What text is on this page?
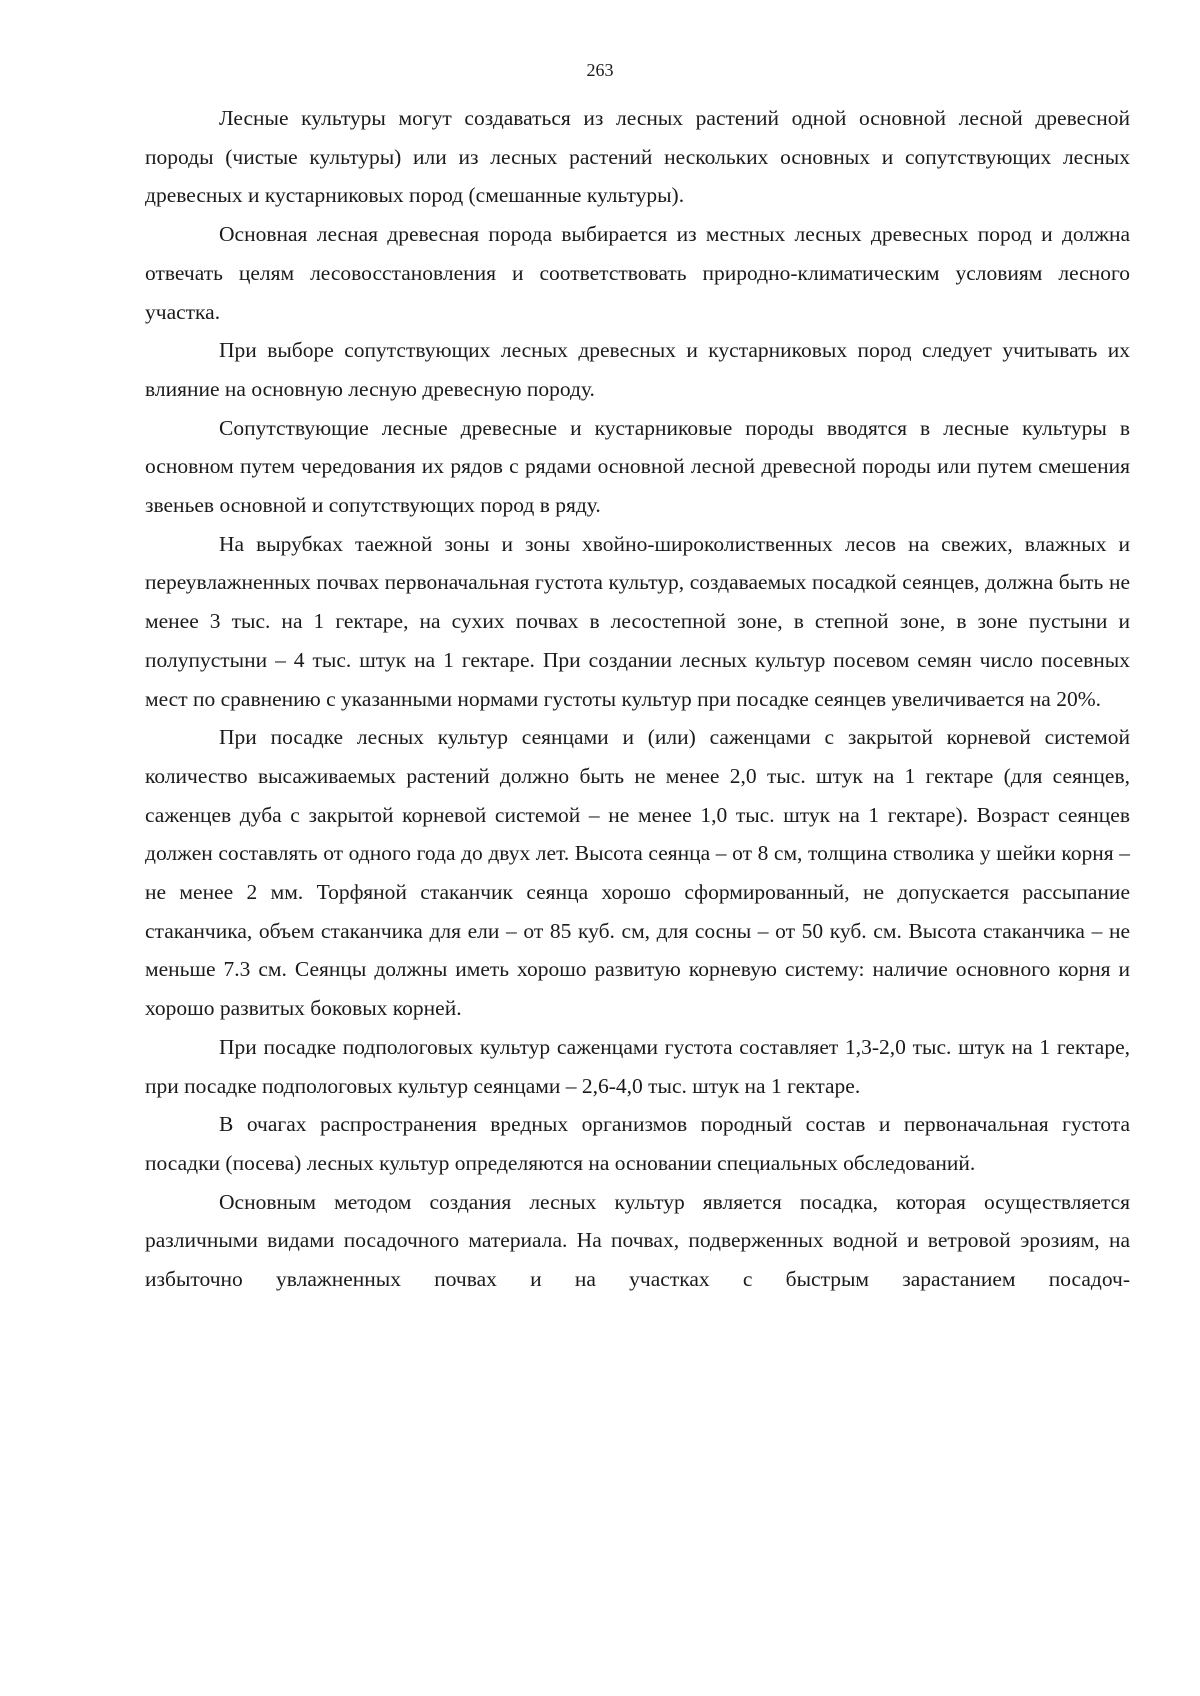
263

Лесные культуры могут создаваться из лесных растений одной основной лесной древесной породы (чистые культуры) или из лесных растений нескольких основных и сопутствующих лесных древесных и кустарниковых пород (смешанные культуры).

Основная лесная древесная порода выбирается из местных лесных древесных пород и должна отвечать целям лесовосстановления и соответствовать природно-климатическим условиям лесного участка.

При выборе сопутствующих лесных древесных и кустарниковых пород следует учитывать их влияние на основную лесную древесную породу.

Сопутствующие лесные древесные и кустарниковые породы вводятся в лесные культуры в основном путем чередования их рядов с рядами основной лесной древесной породы или путем смешения звеньев основной и сопутствующих пород в ряду.

На вырубках таежной зоны и зоны хвойно-широколиственных лесов на свежих, влажных и переувлажненных почвах первоначальная густота культур, создаваемых посадкой сеянцев, должна быть не менее 3 тыс. на 1 гектаре, на сухих почвах в лесостепной зоне, в степной зоне, в зоне пустыни и полупустыни – 4 тыс. штук на 1 гектаре. При создании лесных культур посевом семян число посевных мест по сравнению с указанными нормами густоты культур при посадке сеянцев увеличивается на 20%.

При посадке лесных культур сеянцами и (или) саженцами с закрытой корневой системой количество высаживаемых растений должно быть не менее 2,0 тыс. штук на 1 гектаре (для сеянцев, саженцев дуба с закрытой корневой системой – не менее 1,0 тыс. штук на 1 гектаре). Возраст сеянцев должен составлять от одного года до двух лет. Высота сеянца – от 8 см, толщина стволика у шейки корня – не менее 2 мм. Торфяной стаканчик сеянца хорошо сформированный, не допускается рассыпание стаканчика, объем стаканчика для ели – от 85 куб. см, для сосны – от 50 куб. см. Высота стаканчика – не меньше 7.3 см. Сеянцы должны иметь хорошо развитую корневую систему: наличие основного корня и хорошо развитых боковых корней.

При посадке подпологовых культур саженцами густота составляет 1,3-2,0 тыс. штук на 1 гектаре, при посадке подпологовых культур сеянцами – 2,6-4,0 тыс. штук на 1 гектаре.

В очагах распространения вредных организмов породный состав и первоначальная густота посадки (посева) лесных культур определяются на основании специальных обследований.

Основным методом создания лесных культур является посадка, которая осуществляется различными видами посадочного материала. На почвах, подверженных водной и ветровой эрозиям, на избыточно увлажненных почвах и на участках с быстрым зарастанием посадоч-
